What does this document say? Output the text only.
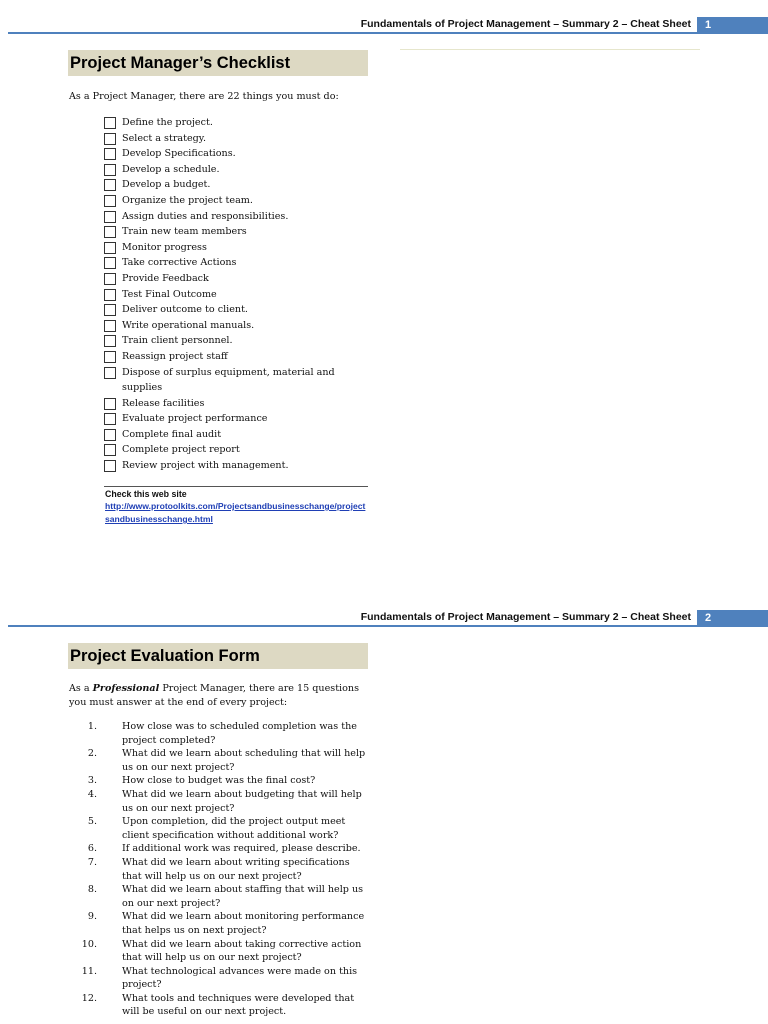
Fundamentals of Project Management – Summary 2 – Cheat Sheet	1
Project Manager’s Checklist
As a Project Manager, there are 22 things you must do:
Define the project.
Select a strategy.
Develop Specifications.
Develop a schedule.
Develop a budget.
Organize the project team.
Assign duties and responsibilities.
Train new team members
Monitor progress
Take corrective Actions
Provide Feedback
Test Final Outcome
Deliver outcome to client.
Write operational manuals.
Train client personnel.
Reassign project staff
Dispose of surplus equipment, material and supplies
Release facilities
Evaluate project performance
Complete final audit
Complete project report
Review project with management.
Check this web site
http://www.protoolkits.com/Projectsandbusinesschange/projectsandbusinesschange.html
Fundamentals of Project Management – Summary 2 – Cheat Sheet	2
Project Evaluation Form
As a Professional Project Manager, there are 15 questions you must answer at the end of every project:
1.	How close was to scheduled completion was the project completed?
2.	What did we learn about scheduling that will help us on our next project?
3.	How close to budget was the final cost?
4.	What did we learn about budgeting that will help us on our next project?
5.	Upon completion, did the project output meet client specification without additional work?
6.	If additional work was required, please describe.
7.	What did we learn about writing specifications that will help us on our next project?
8.	What did we learn about staffing that will help us on our next project?
9.	What did we learn about monitoring performance that helps us on next project?
10.	What did we learn about taking corrective action that will help us on our next project?
11.	What technological advances were made on this project?
12.	What tools and techniques were developed that will be useful on our next project.
